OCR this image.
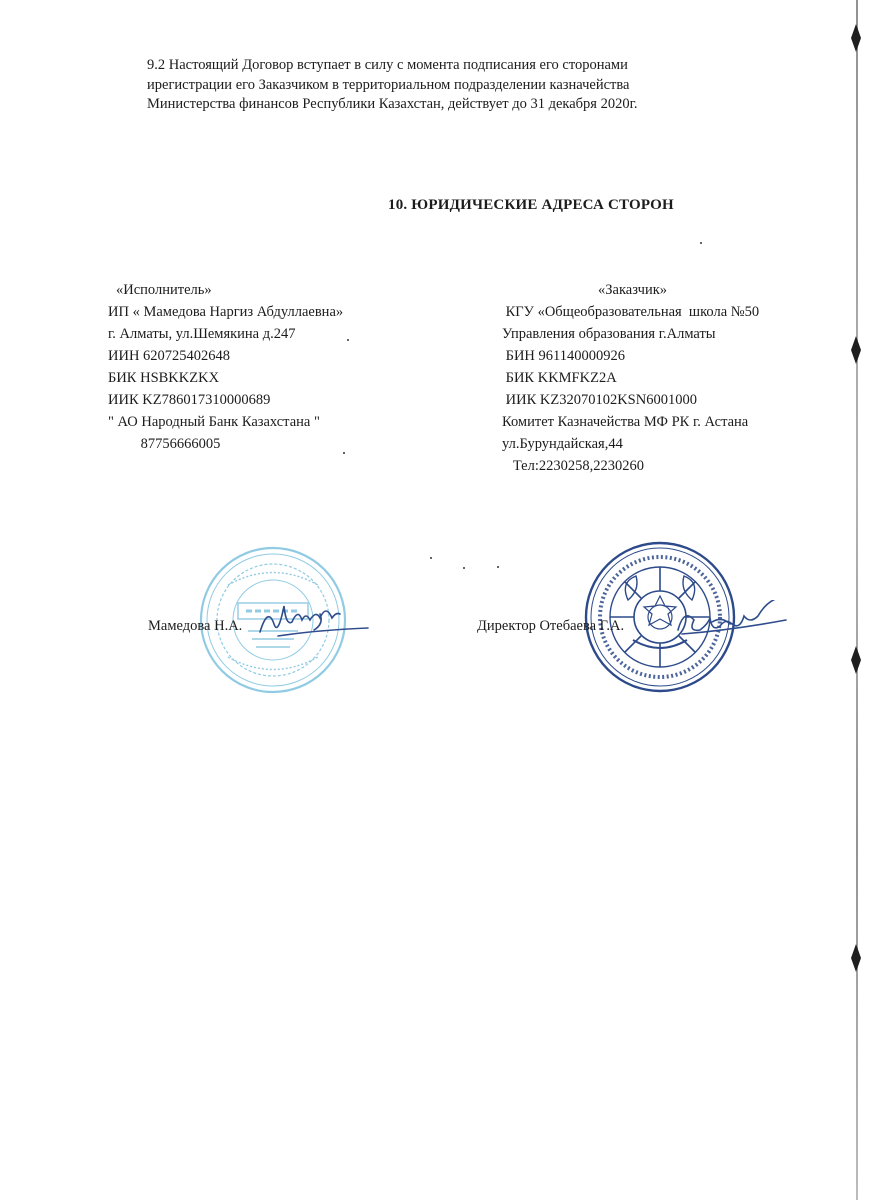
9.2 Настоящий Договор вступает в силу с момента подписания его сторонами
ирегистрации его Заказчиком в территориальном подразделении казначейства
Министерства финансов Республики Казахстан, действует до 31 декабря 2020г.
10. ЮРИДИЧЕСКИЕ АДРЕСА СТОРОН
«Исполнитель»
ИП « Мамедова Наргиз Абдуллаевна»
г. Алматы, ул.Шемякина д.247
ИИН 620725402648
БИК HSBKKZKX
ИИК KZ786017310000689
" АО Народный Банк Казахстана "
87756666005
«Заказчик»
КГУ «Общеобразовательная  школа №50
Управления образования г.Алматы
БИН 961140000926
БИК KKMFKZ2A
ИИК KZ32070102KSN6001000
Комитет Казначейства МФ РК г. Астана
ул.Бурундайская,44
Тел:2230258,2230260
Мамедова Н.А.	Директор Отебаева Г.А.
